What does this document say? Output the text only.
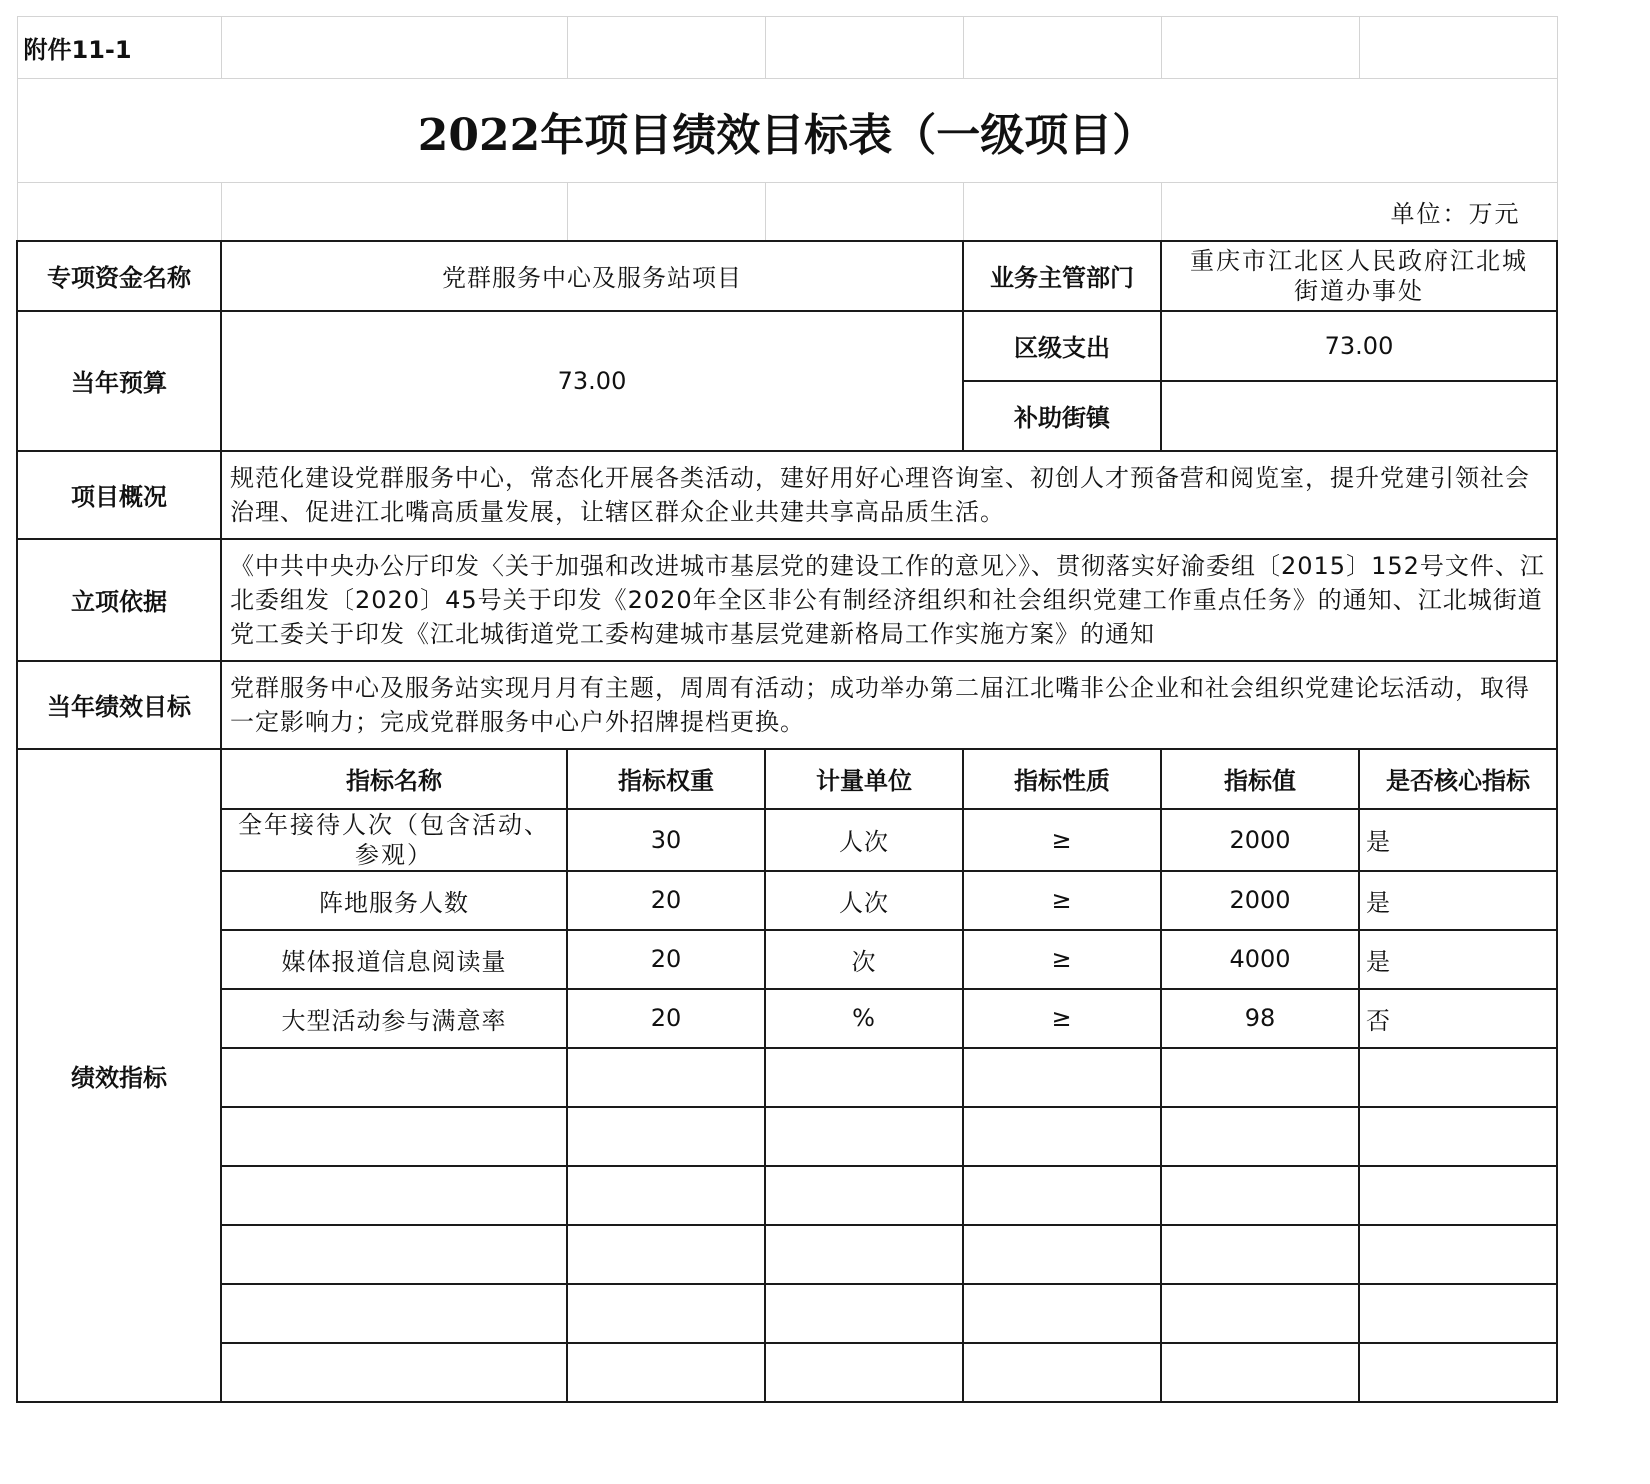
附件11-1						
2022年项目绩效目标表（一级项目）						
					单位：万元	
专项资金名称	党群服务中心及服务站项目			业务主管部门	重庆市江北区人民政府江北城街道办事处	
当年预算	73.00			区级支出	73.00	
				补助街镇		
项目概况	规范化建设党群服务中心，常态化开展各类活动，建好用好心理咨询室、初创人才预备营和阅览室，提升党建引领社会治理、促进江北嘴高质量发展，让辖区群众企业共建共享高品质生活。					
立项依据	《中共中央办公厅印发〈关于加强和改进城市基层党的建设工作的意见〉》、贯彻落实好渝委组〔2015〕152号文件、江北委组发〔2020〕45号关于印发《2020年全区非公有制经济组织和社会组织党建工作重点任务》的通知、江北城街道党工委关于印发《江北城街道党工委构建城市基层党建新格局工作实施方案》的通知					
当年绩效目标	党群服务中心及服务站实现月月有主题，周周有活动；成功举办第二届江北嘴非公企业和社会组织党建论坛活动，取得一定影响力；完成党群服务中心户外招牌提档更换。					
绩效指标	指标名称	指标权重	计量单位	指标性质	指标值	是否核心指标
	全年接待人次（包含活动、参观）	30	人次	≥	2000	是
	阵地服务人数	20	人次	≥	2000	是
	媒体报道信息阅读量	20	次	≥	4000	是
	大型活动参与满意率	20	%	≥	98	否
